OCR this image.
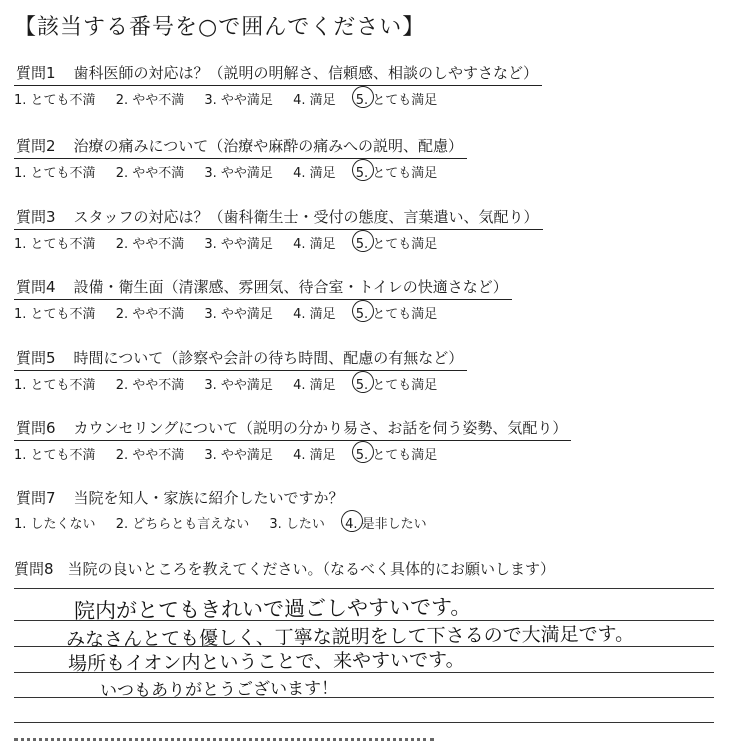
【該当する番号を○で囲んでください】
質問1 歯科医師の対応は？（説明の明解さ、信頼感、相談のしやすさなど）
1. とても不満 2. やや不満 3. やや満足 4. 満足 5. とても満足
質問2 治療の痛みについて（治療や麻酔の痛みへの説明、配慮）
1. とても不満 2. やや不満 3. やや満足 4. 満足 5. とても満足
質問3 スタッフの対応は？（歯科衛生士・受付の態度、言葉遣い、気配り）
1. とても不満 2. やや不満 3. やや満足 4. 満足 5. とても満足
質問4 設備・衛生面（清潔感、雰囲気、待合室・トイレの快適さなど）
1. とても不満 2. やや不満 3. やや満足 4. 満足 5. とても満足
質問5 時間について（診察や会計の待ち時間、配慮の有無など）
1. とても不満 2. やや不満 3. やや満足 4. 満足 5. とても満足
質問6 カウンセリングについて（説明の分かり易さ、お話を伺う姿勢、気配り）
1. とても不満 2. やや不満 3. やや満足 4. 満足 5. とても満足
質問7 当院を知人・家族に紹介したいですか？
1. したくない 2. どちらとも言えない 3. したい 4. 是非したい
質問8 当院の良いところを教えてください。（なるべく具体的にお願いします）
院内がとてもきれいで過ごしやすいです。
みなさんとても優しく、丁寧な説明をして下さるので大満足です。
場所もイオン内ということで、来やすいです。
いつもありがとうございます！
